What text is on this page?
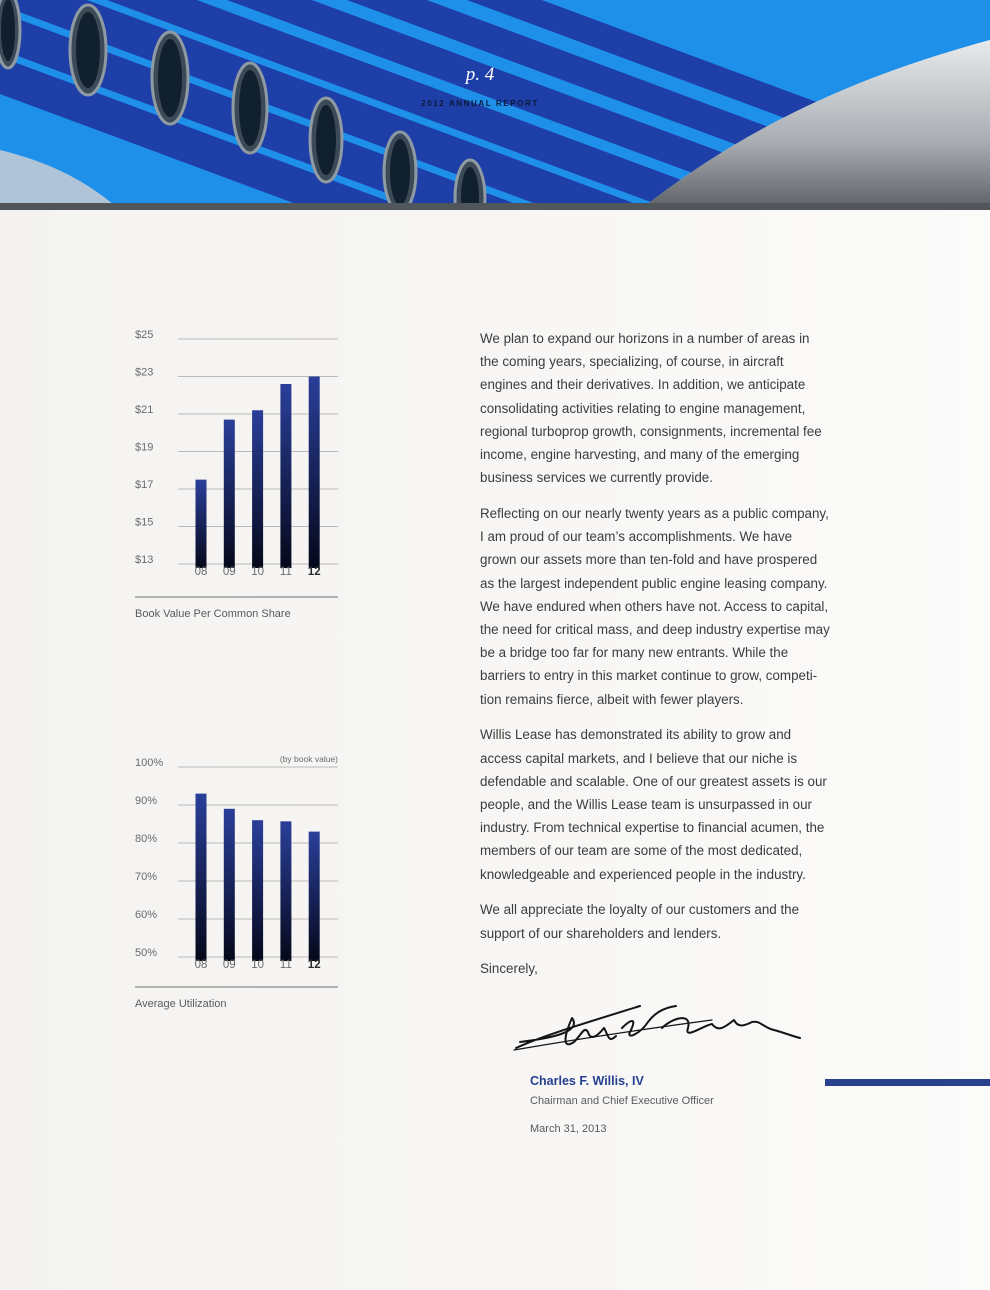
p. 4
2012 ANNUAL REPORT
$25
$23
$21
$19
$17
$15
$13
08 09 10 11 12
Book Value Per Common Share
100%
90%
80%
70%
60%
50%
(by book value)
08 09 10 11 12
Average Utilization

We plan to expand our horizons in a number of areas in the coming years, specializing, of course, in aircraft engines and their derivatives. In addition, we anticipate consolidating activities relating to engine management, regional turboprop growth, consignments, incremental fee income, engine harvesting, and many of the emerging business services we currently provide.

Reflecting on our nearly twenty years as a public company, I am proud of our team’s accomplishments. We have grown our assets more than ten-fold and have prospered as the largest independent public engine leasing company. We have endured when others have not. Access to capital, the need for critical mass, and deep industry expertise may be a bridge too far for many new entrants. While the barriers to entry in this market continue to grow, competi-tion remains fierce, albeit with fewer players.

Willis Lease has demonstrated its ability to grow and access capital markets, and I believe that our niche is defendable and scalable. One of our greatest assets is our people, and the Willis Lease team is unsurpassed in our industry. From technical expertise to financial acumen, the members of our team are some of the most dedicated, knowledgeable and experienced people in the industry.

We all appreciate the loyalty of our customers and the support of our shareholders and lenders.

Sincerely,

Charles F. Willis, IV
Chairman and Chief Executive Officer
March 31, 2013
